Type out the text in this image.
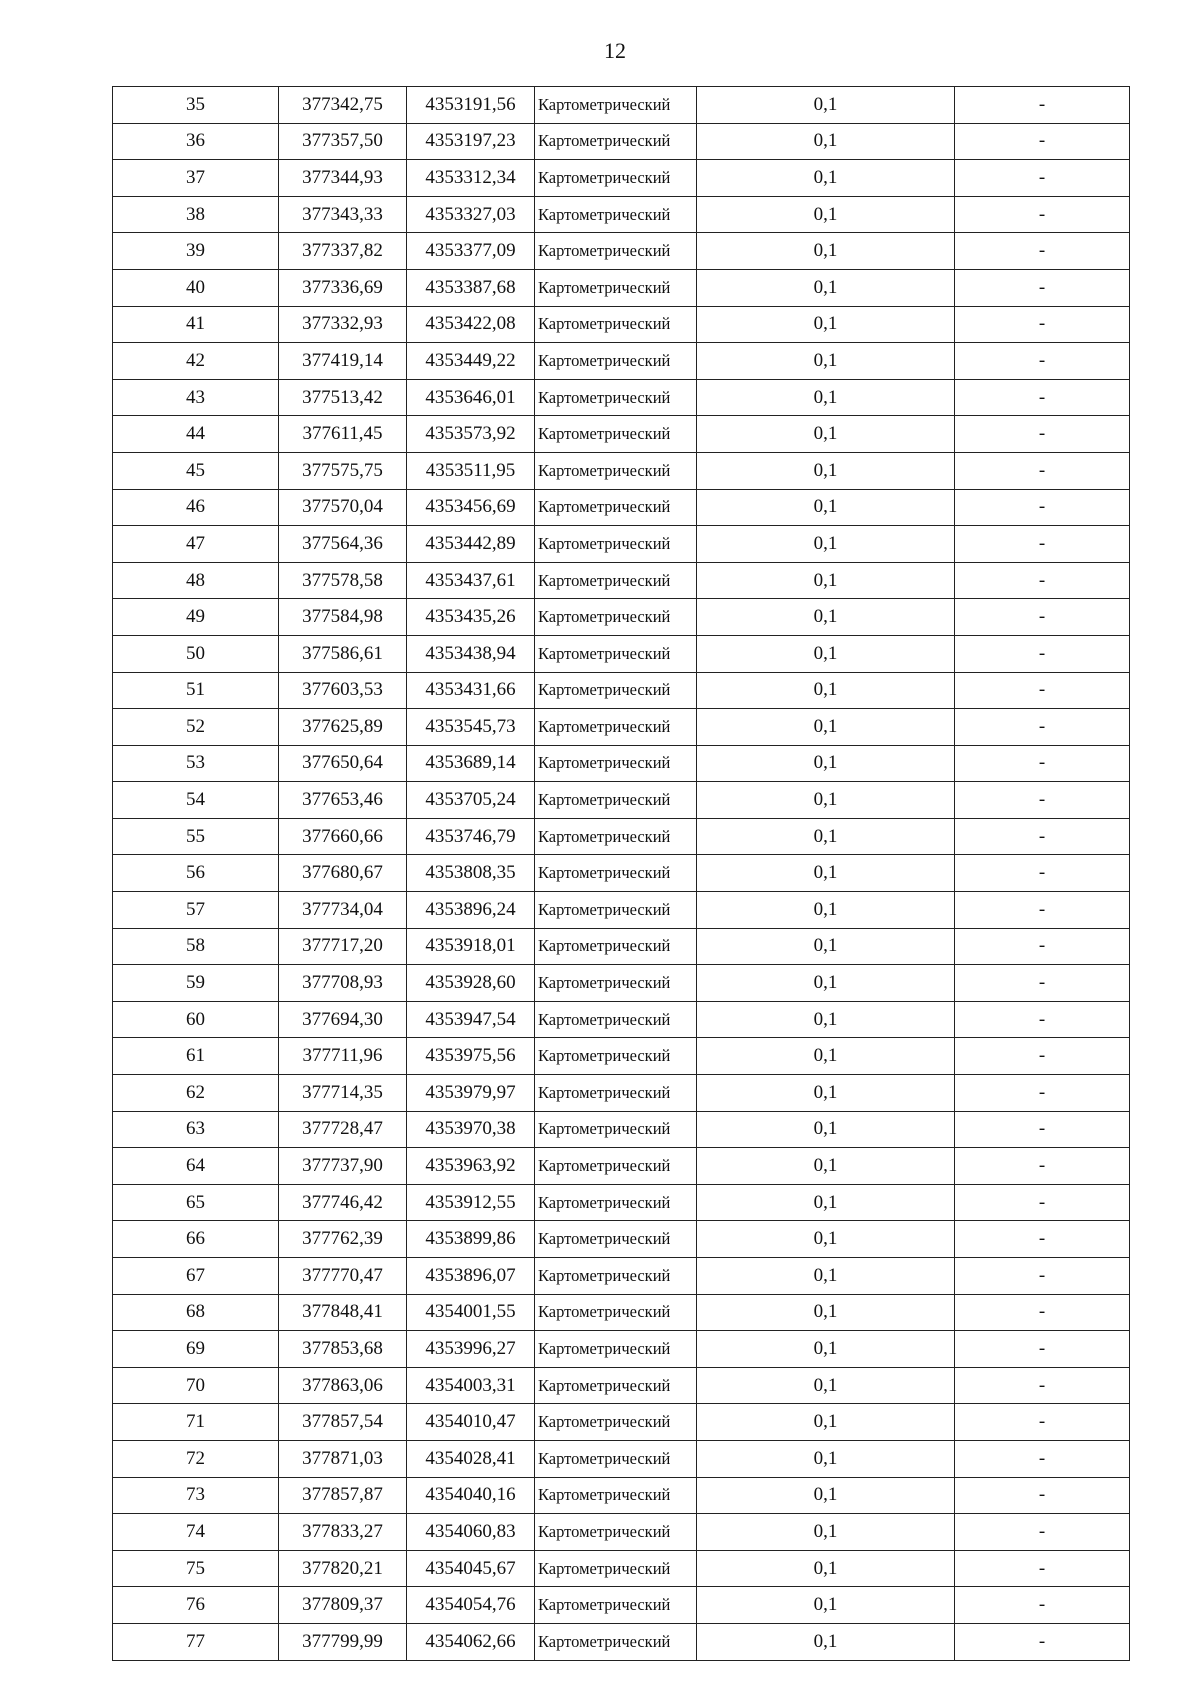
12
35	377342,75	4353191,56	Картометрический	0,1	-
36	377357,50	4353197,23	Картометрический	0,1	-
37	377344,93	4353312,34	Картометрический	0,1	-
38	377343,33	4353327,03	Картометрический	0,1	-
39	377337,82	4353377,09	Картометрический	0,1	-
40	377336,69	4353387,68	Картометрический	0,1	-
41	377332,93	4353422,08	Картометрический	0,1	-
42	377419,14	4353449,22	Картометрический	0,1	-
43	377513,42	4353646,01	Картометрический	0,1	-
44	377611,45	4353573,92	Картометрический	0,1	-
45	377575,75	4353511,95	Картометрический	0,1	-
46	377570,04	4353456,69	Картометрический	0,1	-
47	377564,36	4353442,89	Картометрический	0,1	-
48	377578,58	4353437,61	Картометрический	0,1	-
49	377584,98	4353435,26	Картометрический	0,1	-
50	377586,61	4353438,94	Картометрический	0,1	-
51	377603,53	4353431,66	Картометрический	0,1	-
52	377625,89	4353545,73	Картометрический	0,1	-
53	377650,64	4353689,14	Картометрический	0,1	-
54	377653,46	4353705,24	Картометрический	0,1	-
55	377660,66	4353746,79	Картометрический	0,1	-
56	377680,67	4353808,35	Картометрический	0,1	-
57	377734,04	4353896,24	Картометрический	0,1	-
58	377717,20	4353918,01	Картометрический	0,1	-
59	377708,93	4353928,60	Картометрический	0,1	-
60	377694,30	4353947,54	Картометрический	0,1	-
61	377711,96	4353975,56	Картометрический	0,1	-
62	377714,35	4353979,97	Картометрический	0,1	-
63	377728,47	4353970,38	Картометрический	0,1	-
64	377737,90	4353963,92	Картометрический	0,1	-
65	377746,42	4353912,55	Картометрический	0,1	-
66	377762,39	4353899,86	Картометрический	0,1	-
67	377770,47	4353896,07	Картометрический	0,1	-
68	377848,41	4354001,55	Картометрический	0,1	-
69	377853,68	4353996,27	Картометрический	0,1	-
70	377863,06	4354003,31	Картометрический	0,1	-
71	377857,54	4354010,47	Картометрический	0,1	-
72	377871,03	4354028,41	Картометрический	0,1	-
73	377857,87	4354040,16	Картометрический	0,1	-
74	377833,27	4354060,83	Картометрический	0,1	-
75	377820,21	4354045,67	Картометрический	0,1	-
76	377809,37	4354054,76	Картометрический	0,1	-
77	377799,99	4354062,66	Картометрический	0,1	-
